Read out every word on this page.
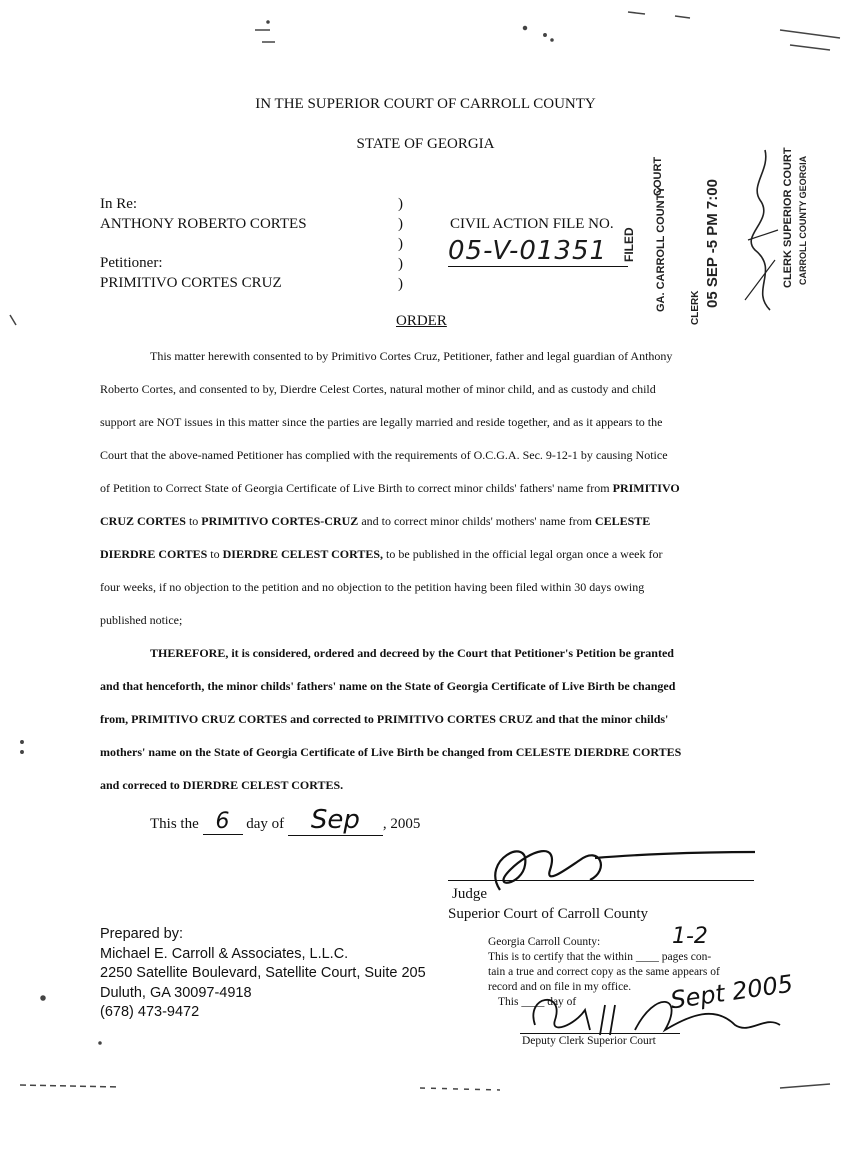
IN THE SUPERIOR COURT OF CARROLL COUNTY
STATE OF GEORGIA
In Re:
ANTHONY ROBERTO CORTES
Petitioner:
PRIMITIVO CORTES CRUZ
)
)
)
)
)
CIVIL ACTION FILE NO.
05-V-01351	GA. CARROLL COUNTY
FILED
COURT
CLERK 05 SEP -5 PM 7:00	CLERK SUPERIOR COURT CARROLL COUNTY GEORGIA
ORDER
This matter herewith consented to by Primitivo Cortes Cruz, Petitioner, father and legal guardian of Anthony
Roberto Cortes, and consented to by, Dierdre Celest Cortes, natural mother of minor child, and as custody and child
support are NOT issues in this matter since the parties are legally married and reside together, and as it appears to the
Court that the above-named Petitioner has complied with the requirements of O.C.G.A. Sec. 9-12-1 by causing Notice
of Petition to Correct State of Georgia Certificate of Live Birth to correct minor childs' fathers' name from PRIMITIVO
CRUZ CORTES to PRIMITIVO CORTES-CRUZ and to correct minor childs' mothers' name from CELESTE
DIERDRE CORTES to DIERDRE CELEST CORTES, to be published in the official legal organ once a week for
four weeks, if no objection to the petition and no objection to the petition having been filed within 30 days owing
published notice;
THEREFORE, it is considered, ordered and decreed by the Court that Petitioner's Petition be granted
and that henceforth, the minor childs' fathers' name on the State of Georgia Certificate of Live Birth be changed
from, PRIMITIVO CRUZ CORTES and corrected to PRIMITIVO CORTES CRUZ and that the minor childs'
mothers' name on the State of Georgia Certificate of Live Birth be changed from CELESTE DIERDRE CORTES
and correced to DIERDRE CELEST CORTES.
This the 6 day of Sep , 2005
Judge
Superior Court of Carroll County
Prepared by:
Michael E. Carroll & Associates, L.L.C.
2250 Satellite Boulevard, Satellite Court, Suite 205
Duluth, GA 30097-4918
(678) 473-9472
Georgia Carroll County:
This is to certify that the within ____ pages con-
tain a true and correct copy as the same appears of
record and on file in my office.
This ____ day of
1-2
Sept 2005
Deputy Clerk Superior Court
